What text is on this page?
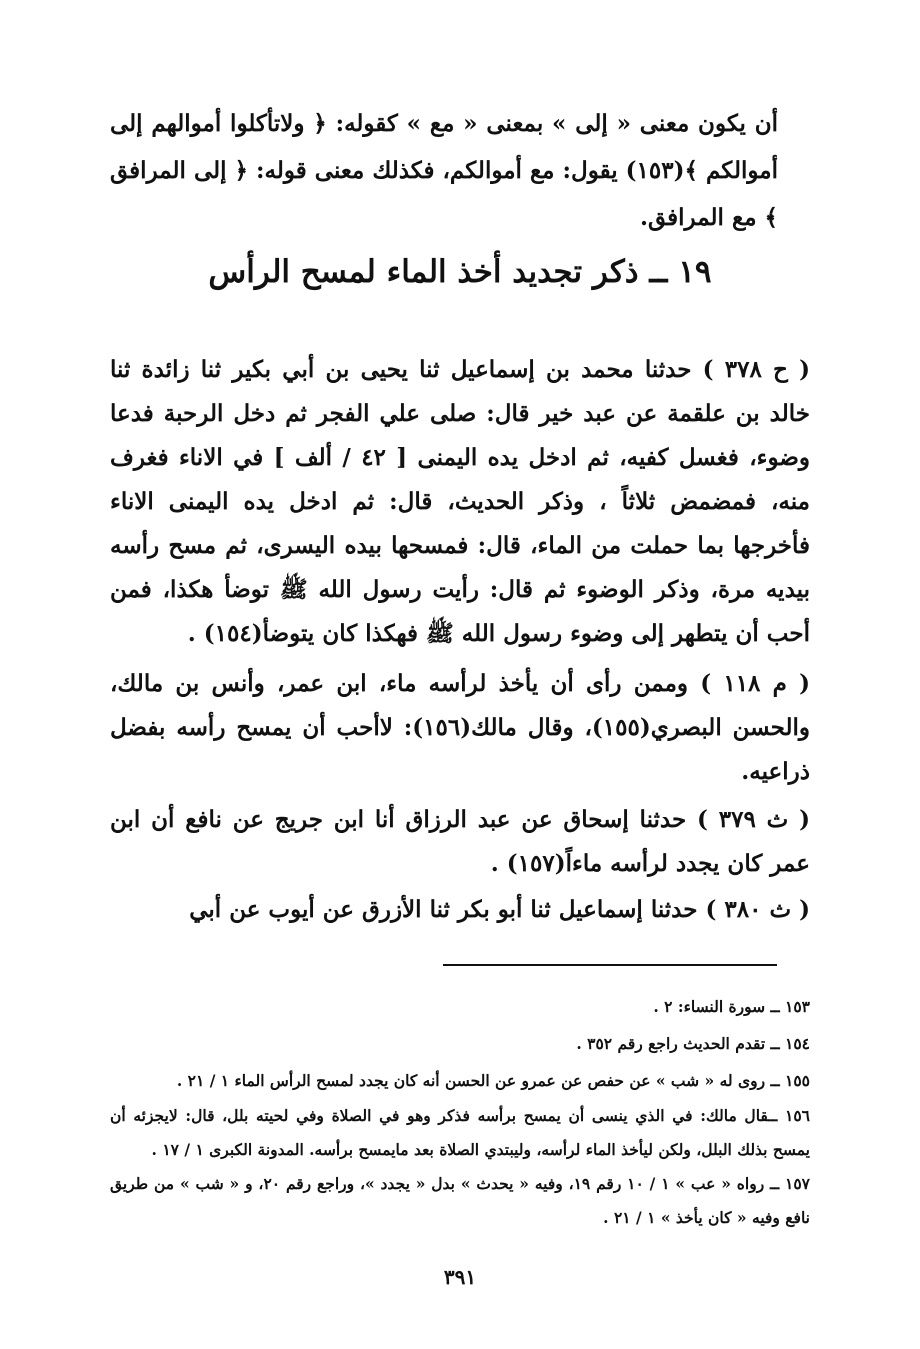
أن يكون معنى « إلى » بمعنى « مع » كقوله: ﴿ ولاتأكلوا أموالهم إلى أموالكم ﴾(١٥٣) يقول: مع أموالكم، فكذلك معنى قوله: ﴿ إلى المرافق ﴾ مع المرافق.

١٩ ــ ذكر تجديد أخذ الماء لمسح الرأس

( ح ٣٧٨ ) حدثنا محمد بن إسماعيل ثنا يحيى بن أبي بكير ثنا زائدة ثنا خالد بن علقمة عن عبد خير قال: صلى علي الفجر ثم دخل الرحبة فدعا وضوء، فغسل كفيه، ثم ادخل يده اليمنى [ ٤٢ / ألف ] في الاناء فغرف منه، فمضمض ثلاثاً ، وذكر الحديث، قال: ثم ادخل يده اليمنى الاناء فأخرجها بما حملت من الماء، قال: فمسحها بيده اليسرى، ثم مسح رأسه بيديه مرة، وذكر الوضوء ثم قال: رأيت رسول الله ﷺ توضأ هكذا، فمن أحب أن يتطهر إلى وضوء رسول الله ﷺ فهكذا كان يتوضأ(١٥٤) .

( م ١١٨ ) وممن رأى أن يأخذ لرأسه ماء، ابن عمر، وأنس بن مالك، والحسن البصري(١٥٥)، وقال مالك(١٥٦): لاأحب أن يمسح رأسه بفضل ذراعيه.

( ث ٣٧٩ ) حدثنا إسحاق عن عبد الرزاق أنا ابن جريج عن نافع أن ابن عمر كان يجدد لرأسه ماءاً(١٥٧) .

( ث ٣٨٠ ) حدثنا إسماعيل ثنا أبو بكر ثنا الأزرق عن أيوب عن أبي

١٥٣ ــ سورة النساء: ٢ .

١٥٤ ــ تقدم الحديث راجع رقم ٣٥٢ .

١٥٥ ــ روى له « شب » عن حفص عن عمرو عن الحسن أنه كان يجدد لمسح الرأس الماء ١ / ٢١ .

١٥٦ ــقال مالك: في الذي ينسى أن يمسح برأسه فذكر وهو في الصلاة وفي لحيته بلل، قال: لايجزئه أن يمسح بذلك البلل، ولكن ليأخذ الماء لرأسه، وليبتدي الصلاة بعد مايمسح برأسه. المدونة الكبرى ١ / ١٧ .

١٥٧ ــ رواه « عب » ١ / ١٠ رقم ١٩، وفيه « يحدث » بدل « يجدد »، وراجع رقم ٢٠، و « شب » من طريق نافع وفيه « كان يأخذ » ١ / ٢١ .

٣٩١
